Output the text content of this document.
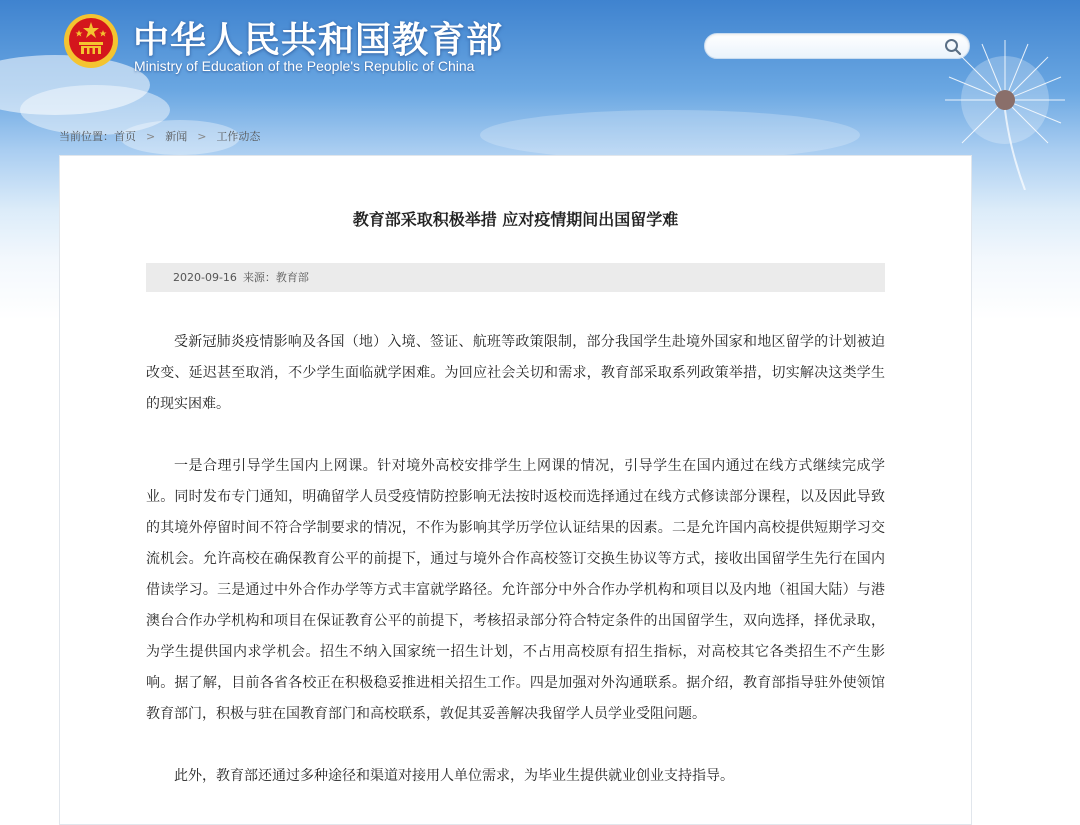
中华人民共和国教育部
Ministry of Education of the People's Republic of China
当前位置：首页 > 新闻 > 工作动态
教育部采取积极举措 应对疫情期间出国留学难
2020-09-16 来源：教育部

受新冠肺炎疫情影响及各国（地）入境、签证、航班等政策限制，部分我国学生赴境外国家和地区留学的计划被迫改变、延迟甚至取消，不少学生面临就学困难。为回应社会关切和需求，教育部采取系列政策举措，切实解决这类学生的现实困难。

一是合理引导学生国内上网课。针对境外高校安排学生上网课的情况，引导学生在国内通过在线方式继续完成学业。同时发布专门通知，明确留学人员受疫情防控影响无法按时返校而选择通过在线方式修读部分课程，以及因此导致的其境外停留时间不符合学制要求的情况，不作为影响其学历学位认证结果的因素。二是允许国内高校提供短期学习交流机会。允许高校在确保教育公平的前提下，通过与境外合作高校签订交换生协议等方式，接收出国留学生先行在国内借读学习。三是通过中外合作办学等方式丰富就学路径。允许部分中外合作办学机构和项目以及内地（祖国大陆）与港澳台合作办学机构和项目在保证教育公平的前提下，考核招录部分符合特定条件的出国留学生，双向选择，择优录取，为学生提供国内求学机会。招生不纳入国家统一招生计划，不占用高校原有招生指标，对高校其它各类招生不产生影响。据了解，目前各省各校正在积极稳妥推进相关招生工作。四是加强对外沟通联系。据介绍，教育部指导驻外使领馆教育部门，积极与驻在国教育部门和高校联系，敦促其妥善解决我留学人员学业受阻问题。

此外，教育部还通过多种途径和渠道对接用人单位需求，为毕业生提供就业创业支持指导。
